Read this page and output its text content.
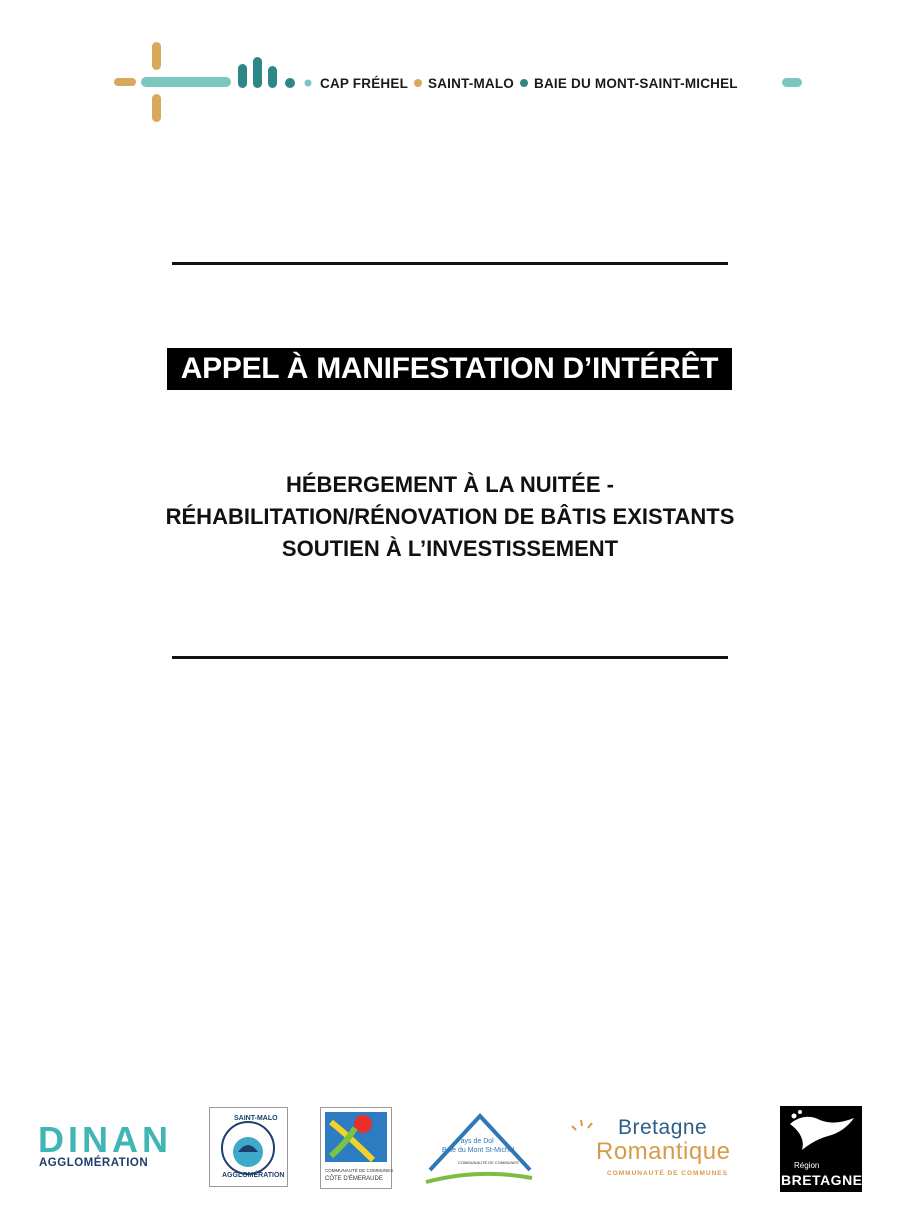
CAP FRÉHEL SAINT-MALO BAIE DU MONT-SAINT-MICHEL
APPEL À MANIFESTATION D’INTÉRÊT
HÉBERGEMENT À LA NUITÉE -
RÉHABILITATION/RÉNOVATION DE BÂTIS EXISTANTS
SOUTIEN À L’INVESTISSEMENT
DINAN
AGGLOMÉRATION
SAINT-MALO
AGGLOMÉRATION
COMMUNAUTÉ DE COMMUNES
CÔTE D'ÉMERAUDE
Pays de Dol
Baie du Mont St-Michel
COMMUNAUTÉ DE COMMUNES
Bretagne
Romantique
COMMUNAUTÉ DE COMMUNES
Région
BRETAGNE
